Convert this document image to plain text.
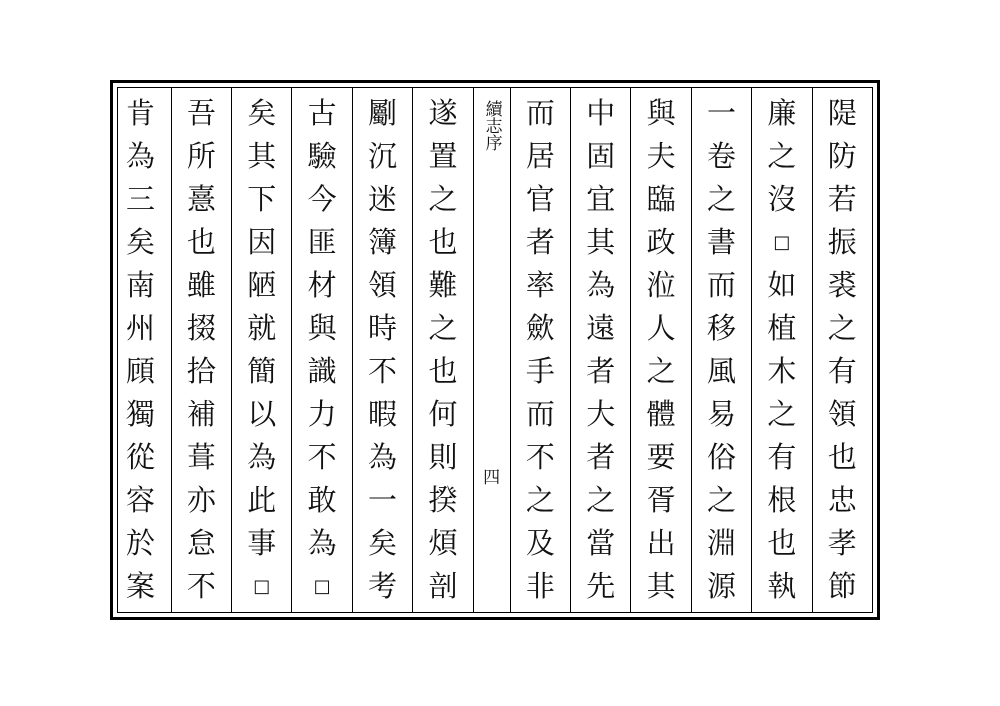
隄
防
若
振
裘
之
有
領
也
忠
孝
節
廉
之
沒
□
如
植
木
之
有
根
也
執
一
卷
之
書
而
移
風
易
俗
之
淵
源
與
夫
臨
政
涖
人
之
體
要
胥
出
其
中
固
宜
其
為
遠
者
大
者
之
當
先
而
居
官
者
率
歛
手
而
不
之
及
非
續志序
四
遂
置
之
也
難
之
也
何
則
揆
煩
剖
劚
沉
迷
簿
領
時
不
暇
為
一
矣
考
古
驗
今
匪
材
與
識
力
不
敢
為
□
矣
其
下
因
陋
就
簡
以
為
此
事
□
吾
所
憙
也
雖
掇
拾
補
葺
亦
怠
不
肯
為
三
矣
南
州
頋
獨
從
容
於
案
